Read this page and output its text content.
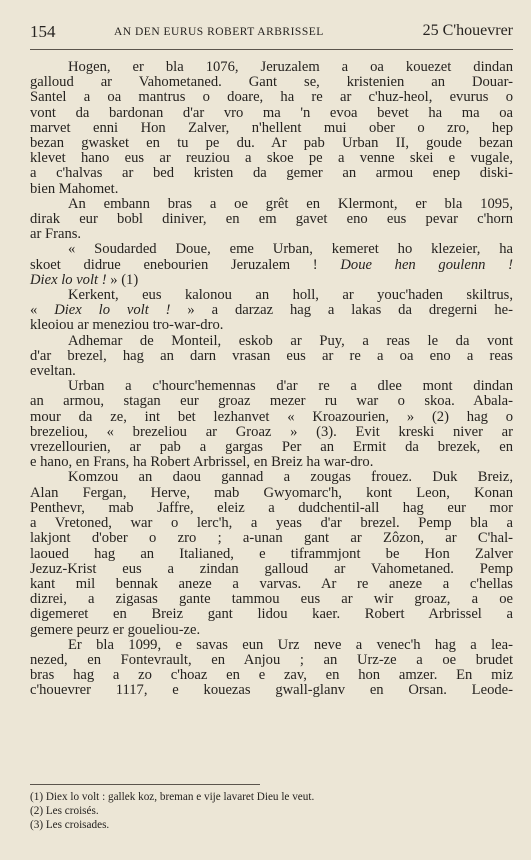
154	AN DEN EURUS ROBERT ARBRISSEL	25 C'houevrer
Hogen, er bla 1076, Jeruzalem a oa kouezet dindan
galloud ar Vahometaned. Gant se, kristenien an Douar-
Santel a oa mantrus o doare, ha re ar c'huz-heol, evurus o
vont da bardonan d'ar vro ma 'n evoa bevet ha ma oa
marvet enni Hon Zalver, n'hellent mui ober o zro, hep
bezan gwasket en tu pe du. Ar pab Urban II, goude bezan
klevet hano eus ar reuziou a skoe pe a venne skei e vugale,
a c'halvas ar bed kristen da gemer an armou enep diski-
bien Mahomet.
An embann bras a oe grêt en Klermont, er bla 1095,
dirak eur bobl diniver, en em gavet eno eus pevar c'horn
ar Frans.
« Soudarded Doue, eme Urban, kemeret ho klezeier, ha
skoet didrue enebourien Jeruzalem ! Doue hen goulenn !
Diex lo volt ! » (1)
Kerkent, eus kalonou an holl, ar youc'haden skiltrus,
« Diex lo volt ! » a darzaz hag a lakas da dregerni he-
kleoiou ar meneziou tro-war-dro.
Adhemar de Monteil, eskob ar Puy, a reas le da vont
d'ar brezel, hag an darn vrasan eus ar re a oa eno a reas
eveltan.
Urban a c'hourc'hemennas d'ar re a dlee mont dindan
an armou, stagan eur groaz mezer ru war o skoa. Abala-
mour da ze, int bet lezhanvet « Kroazourien, » (2) hag o
brezeliou, « brezeliou ar Groaz » (3). Evit kreski niver ar
vrezellourien, ar pab a gargas Per an Ermit da brezek, en
e hano, en Frans, ha Robert Arbrissel, en Breiz ha war-dro.
Komzou an daou gannad a zougas frouez. Duk Breiz,
Alan Fergan, Herve, mab Gwyomarc'h, kont Leon, Konan
Penthevr, mab Jaffre, eleiz a dudchentil-all hag eur mor
a Vretoned, war o lerc'h, a yeas d'ar brezel. Pemp bla a
lakjont d'ober o zro ; a-unan gant ar Zôzon, ar C'hal-
laoued hag an Italianed, e tiframmjont be Hon Zalver
Jezuz-Krist eus a zindan galloud ar Vahometaned. Pemp
kant mil bennak aneze a varvas. Ar re aneze a c'hellas
dizrei, a zigasas gante tammou eus ar wir groaz, a oe
digemeret en Breiz gant lidou kaer. Robert Arbrissel a
gemere peurz er goueliou-ze.
Er bla 1099, e savas eun Urz neve a venec'h hag a lea-
nezed, en Fontevrault, en Anjou ; an Urz-ze a oe brudet
bras hag a zo c'hoaz en e zav, en hon amzer. En miz
c'houevrer 1117, e kouezas gwall-glanv en Orsan. Leode-
(1) Diex lo volt : gallek koz, breman e vije lavaret Dieu le veut.
(2) Les croisés.
(3) Les croisades.
